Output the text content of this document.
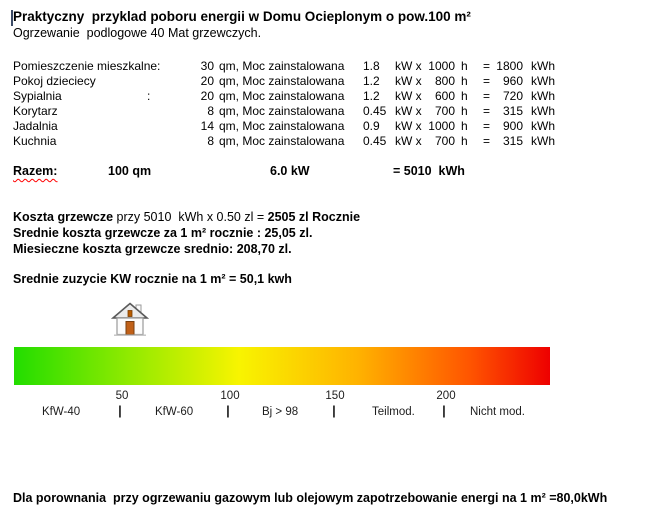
Praktyczny  przyklad poboru energii w Domu Ocieplonym o pow.100 m²
Ogrzewanie  podlogowe 40 Mat grzewczych.
Pomieszczenie mieszkalne:	30 qm, Moc zainstalowana 1.8 kW x 1000 h = 1800 kWh
Pokoj dzieciecy	20 qm, Moc zainstalowana 1.2 kW x	800 h =	960 kWh
Sypialnia	:	20 qm, Moc zainstalowana 1.2 kW x	600 h =	720 kWh
Korytarz	8 qm, Moc zainstalowana 0.45 kW x	700 h =	315 kWh
Jadalnia	14 qm, Moc zainstalowana 0.9 kW x 1000 h =	900 kWh
Kuchnia	8 qm, Moc zainstalowana 0.45 kW x	700 h =	315 kWh
Razem:	100 qm	6.0 kW	= 5010  kWh
Koszta grzewcze przy 5010  kWh x 0.50 zl = 2505 zl Rocznie
Srednie koszta grzewcze za 1 m² rocznie : 25,05 zl.
Miesieczne koszta grzewcze srednio: 208,70 zl.
Srednie zuzycie KW rocznie na 1 m² = 50,1 kwh
50	100	150	200
|	|	|	|
KfW-40	KfW-60	Bj > 98	Teilmod.	Nicht mod.
Dla porownania  przy ogrzewaniu gazowym lub olejowym zapotrzebowanie energi na 1 m² =80,0kWh
